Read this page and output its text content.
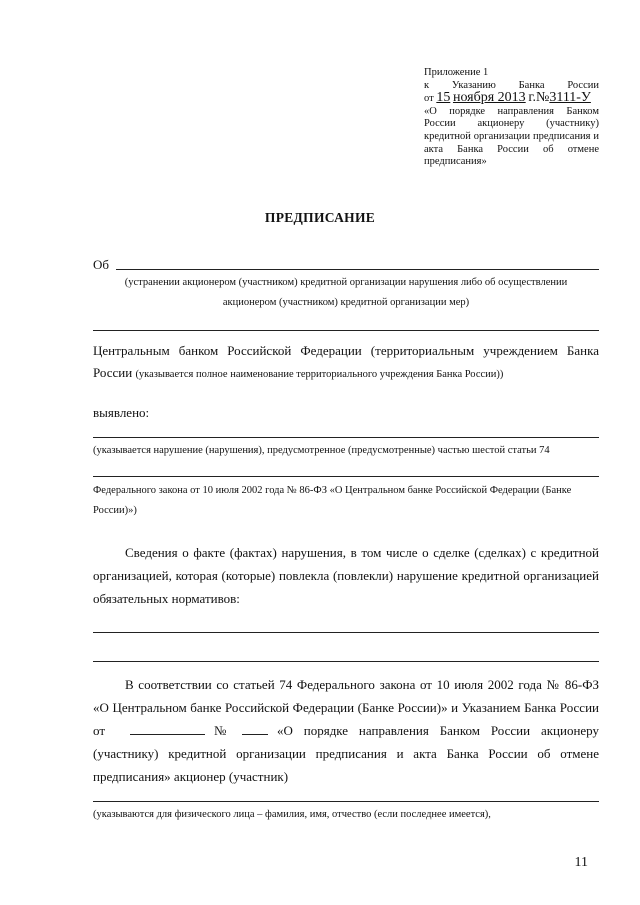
Приложение 1
к Указанию Банка России
от 15 ноября 2013 г.№3111-У
«О порядке направления Банком
России акционеру (участнику)
кредитной организации предписания и
акта Банка России об отмене
предписания»
ПРЕДПИСАНИЕ
Об
(устранении акционером (участником) кредитной организации нарушения либо об осуществлении
акционером (участником) кредитной организации мер)
Центральным банком Российской Федерации (территориальным учреждением Банка
России (указывается полное наименование территориального учреждения Банка России))
выявлено:
(указывается нарушение (нарушения), предусмотренное (предусмотренные) частью шестой статьи 74
Федерального закона от 10 июля 2002 года № 86-ФЗ «О Центральном банке Российской Федерации (Банке
России)»)
Сведения о факте (фактах) нарушения, в том числе о сделке (сделках) с кредитной
организацией, которая (которые) повлекла (повлекли) нарушение кредитной организацией
обязательных нормативов:
В соответствии со статьей 74 Федерального закона от 10 июля 2002 года № 86-ФЗ
«О Центральном банке Российской Федерации (Банке России)» и Указанием Банка России
от	№	«О порядке направления Банком России акционеру
(участнику) кредитной организации предписания и акта Банка России об отмене
предписания» акционер (участник)
(указываются для физического лица – фамилия, имя, отчество (если последнее имеется),
11
